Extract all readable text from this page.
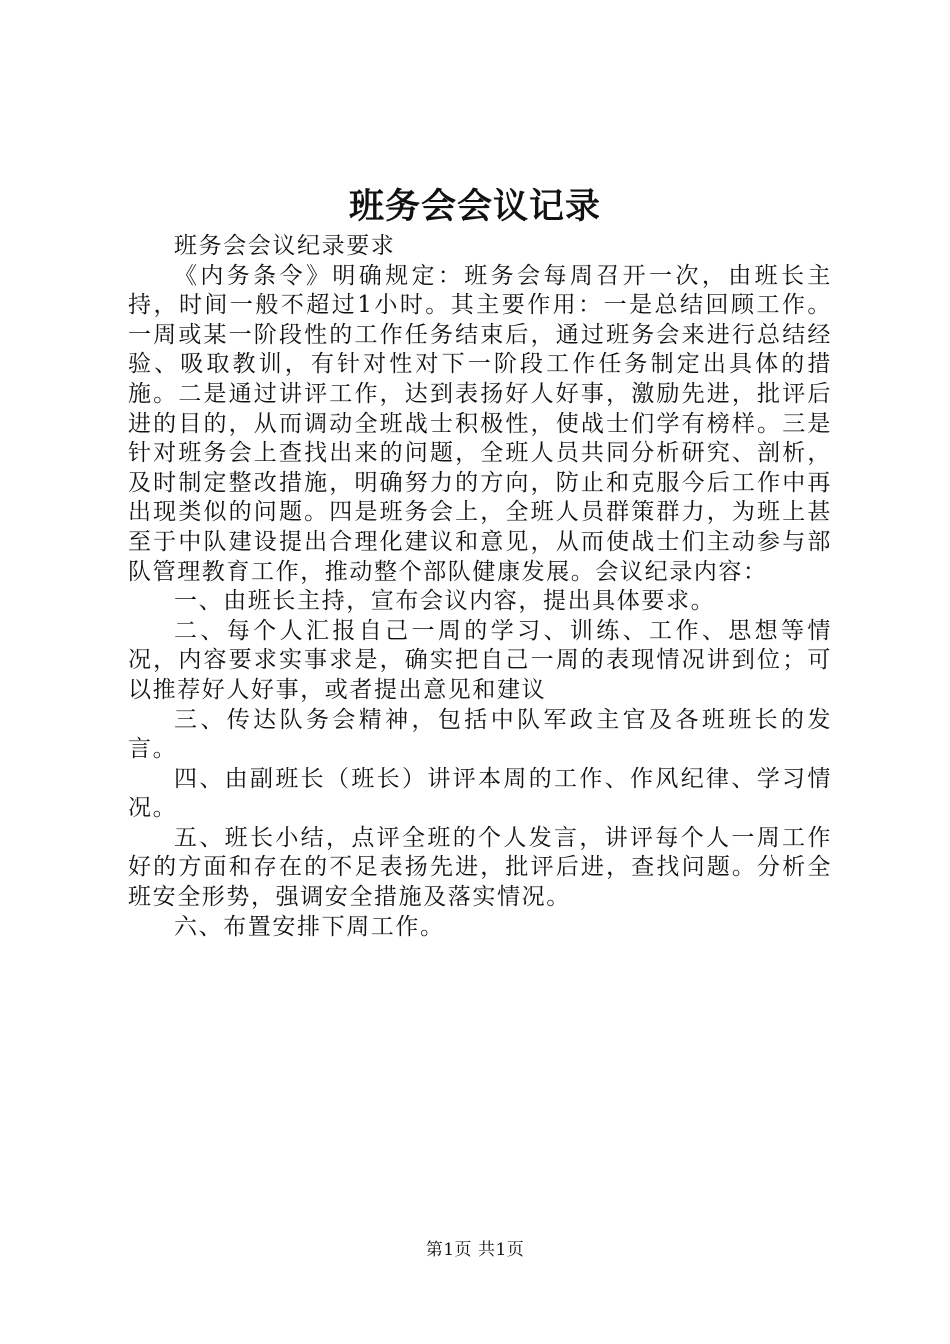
班务会会议记录

班务会会议纪录要求

《内务条令》明确规定：班务会每周召开一次，由班长主持，时间一般不超过1小时。其主要作用：一是总结回顾工作。一周或某一阶段性的工作任务结束后，通过班务会来进行总结经验、吸取教训，有针对性对下一阶段工作任务制定出具体的措施。二是通过讲评工作，达到表扬好人好事，激励先进，批评后进的目的，从而调动全班战士积极性，使战士们学有榜样。三是针对班务会上查找出来的问题，全班人员共同分析研究、剖析，及时制定整改措施，明确努力的方向，防止和克服今后工作中再出现类似的问题。四是班务会上，全班人员群策群力，为班上甚至于中队建设提出合理化建议和意见，从而使战士们主动参与部队管理教育工作，推动整个部队健康发展。会议纪录内容：

一、由班长主持，宣布会议内容，提出具体要求。

二、每个人汇报自己一周的学习、训练、工作、思想等情况，内容要求实事求是，确实把自己一周的表现情况讲到位；可以推荐好人好事，或者提出意见和建议

三、传达队务会精神，包括中队军政主官及各班班长的发言。

四、由副班长（班长）讲评本周的工作、作风纪律、学习情况。

五、班长小结，点评全班的个人发言，讲评每个人一周工作好的方面和存在的不足表扬先进，批评后进，查找问题。分析全班安全形势，强调安全措施及落实情况。

六、布置安排下周工作。

第1页 共1页
